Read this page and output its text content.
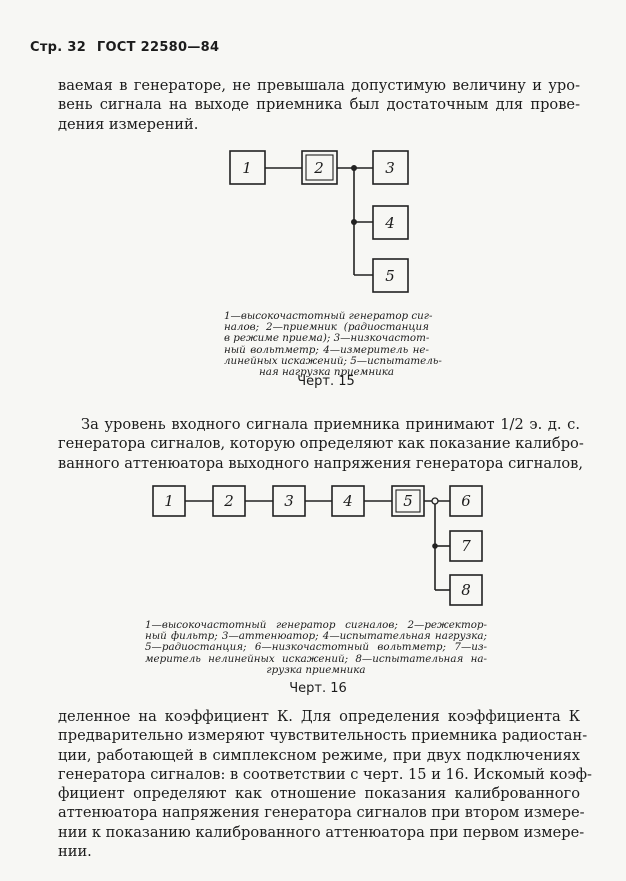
Стр. 32 ГОСТ 22580—84
ваемая в генераторе, не превышала допустимую величину и уро-
вень сигнала на выходе приемника был достаточным для прове-
дения измерений.
1	2	3
4
5
1	2	3	4	5	6
7
8
1—высокочастотный генератор сиг-
налов; 2—приемник (радиостанция
в режиме приема); 3—низкочастот-
ный вольтметр; 4—измеритель не-
линейных искажений; 5—испытатель-
ная нагрузка приемника
Черт. 15
За уровень входного сигнала приемника принимают 1/2 э. д. с.
генератора сигналов, которую определяют как показание калибро-
ванного аттенюатора выходного напряжения генератора сигналов,
1—высокочастотный генератор сигналов; 2—режектор-
ный фильтр; 3—аттенюатор; 4—испытательная нагрузка;
5—радиостанция; 6—низкочастотный вольтметр; 7—из-
меритель нелинейных искажений; 8—испытательная на-
грузка приемника
Черт. 16
деленное на коэффициент К. Для определения коэффициента К
предварительно измеряют чувствительность приемника радиостан-
ции, работающей в симплексном режиме, при двух подключениях
генератора сигналов: в соответствии с черт. 15 и 16. Искомый коэф-
фициент определяют как отношение показания калиброванного
аттенюатора напряжения генератора сигналов при втором измере-
нии к показанию калиброванного аттенюатора при первом измере-
нии.
